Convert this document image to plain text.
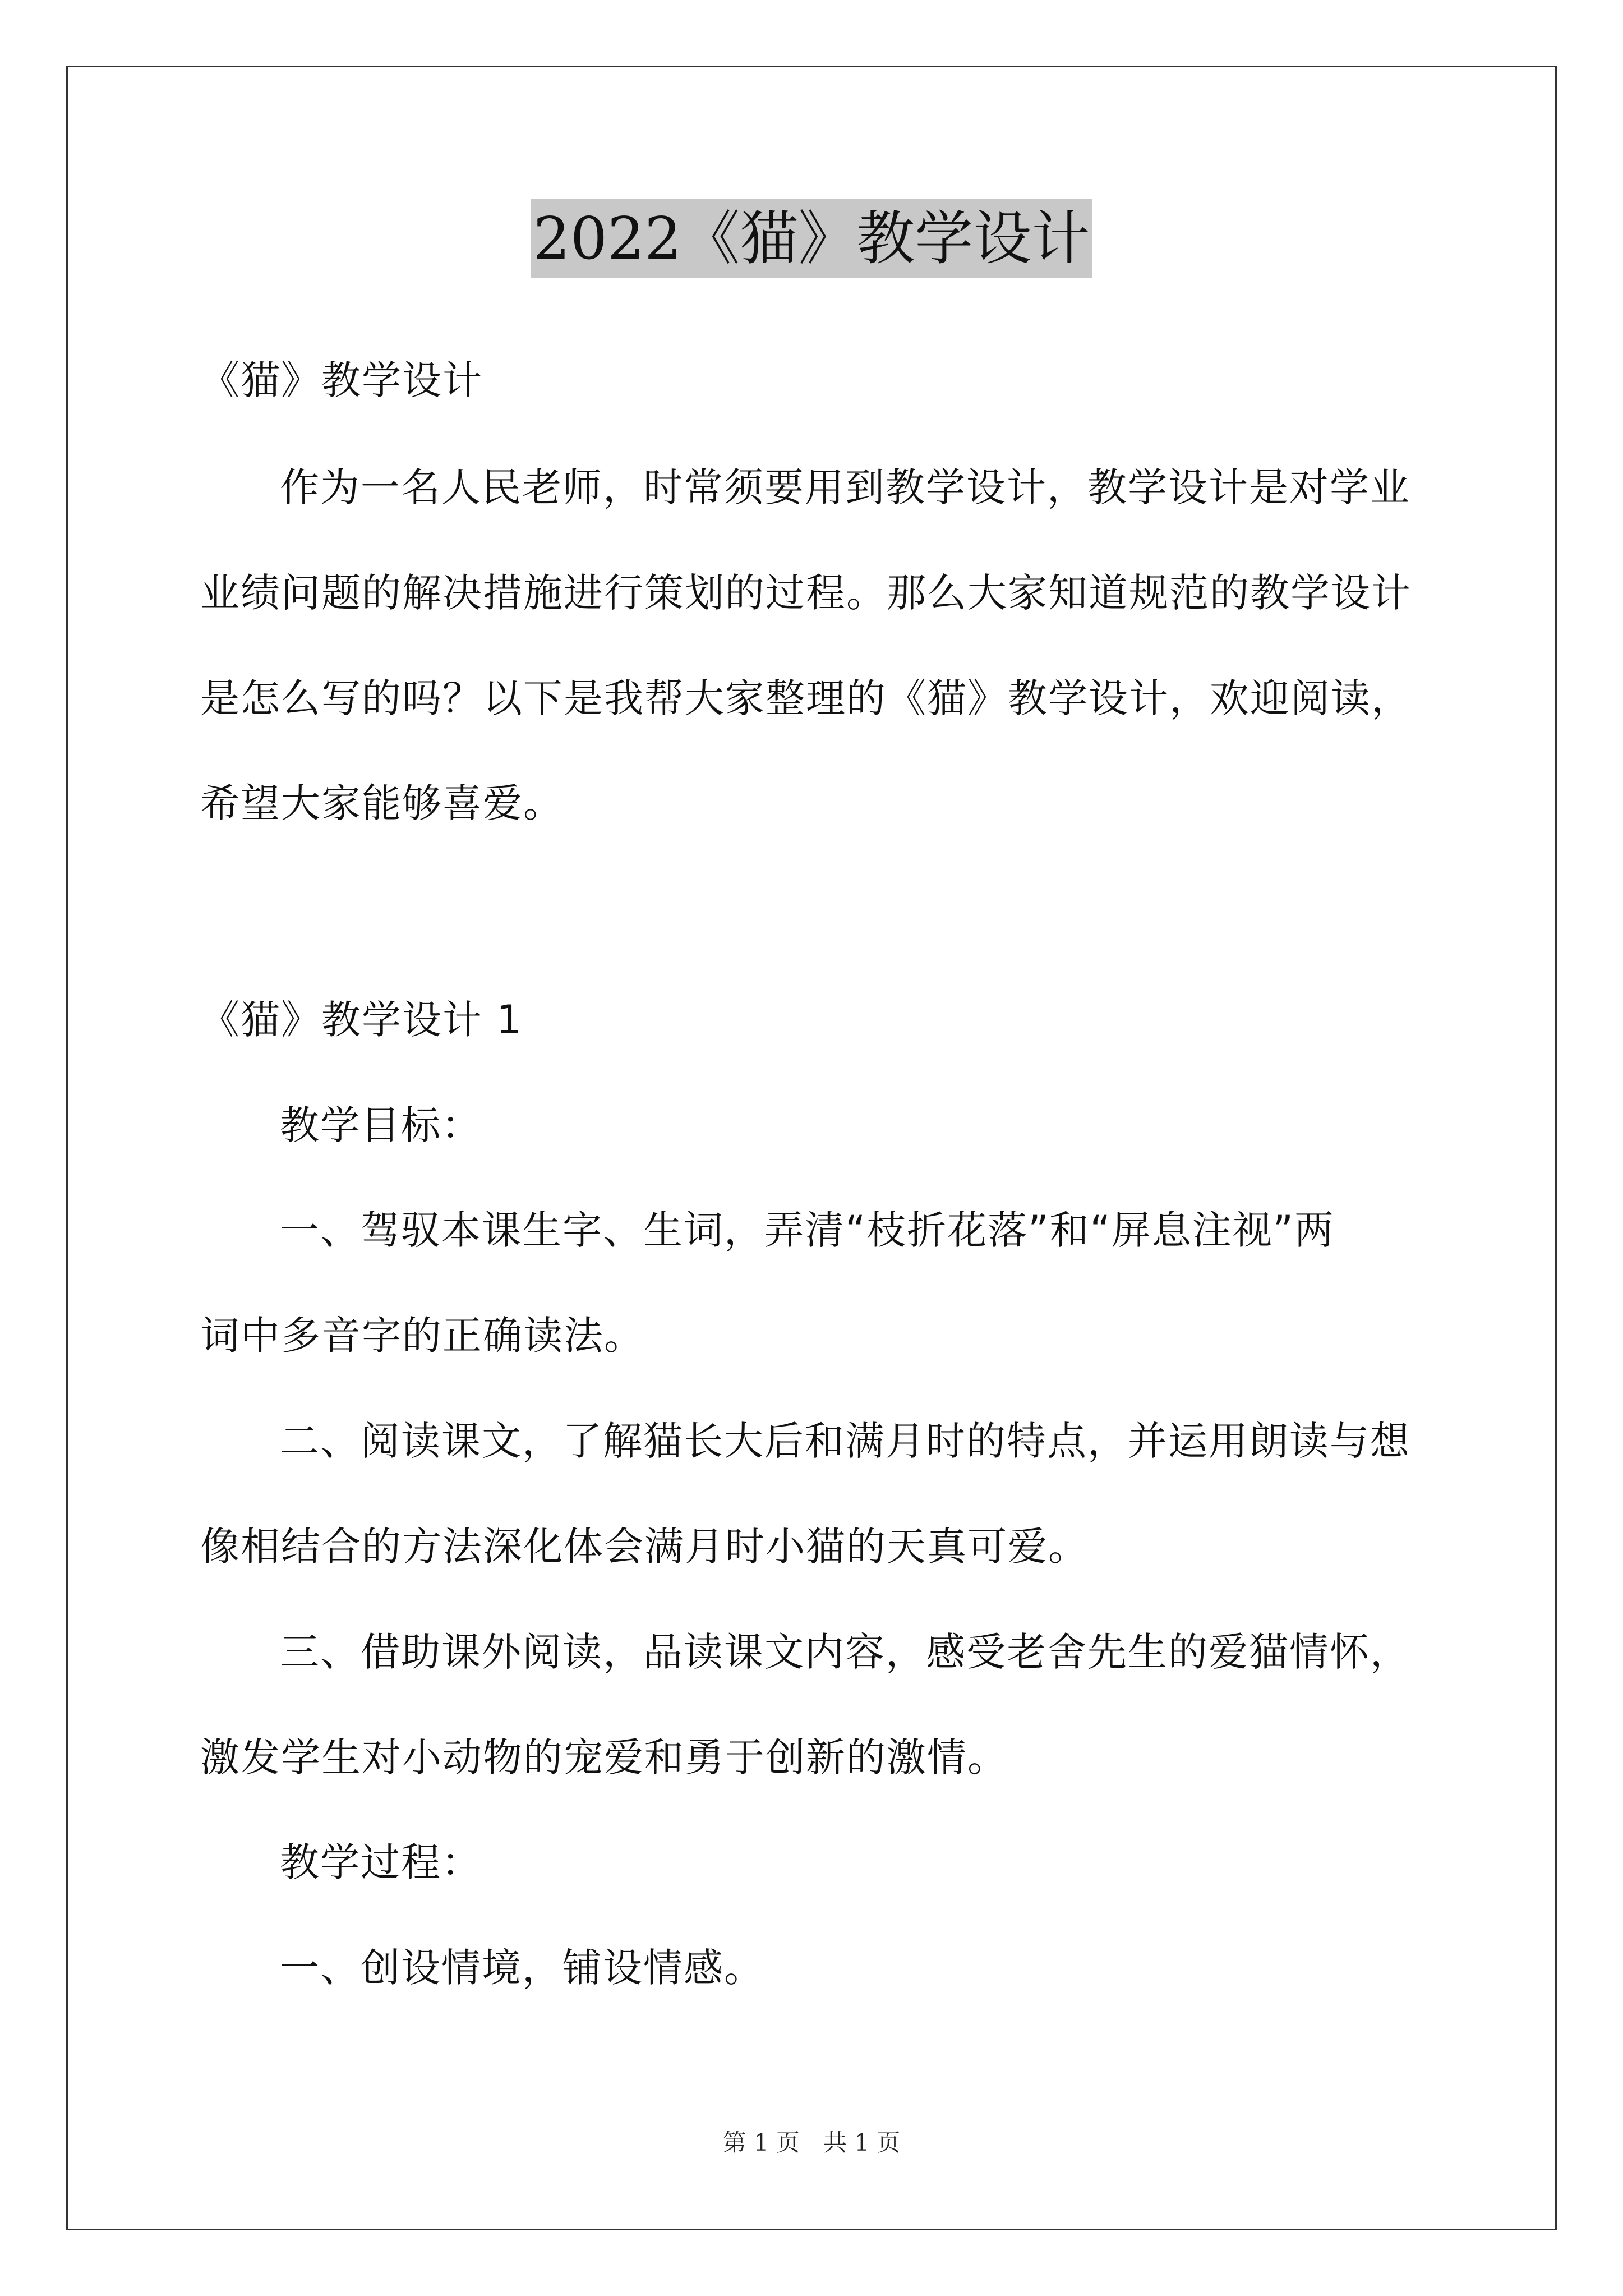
2022《猫》教学设计
《猫》教学设计
作为一名人民老师，时常须要用到教学设计，教学设计是对学业
业绩问题的解决措施进行策划的过程。那么大家知道规范的教学设计
是怎么写的吗？以下是我帮大家整理的《猫》教学设计，欢迎阅读，
希望大家能够喜爱。
《猫》教学设计 1
教学目标：
一、驾驭本课生字、生词，弄清“枝折花落”和“屏息注视”两
词中多音字的正确读法。
二、阅读课文，了解猫长大后和满月时的特点，并运用朗读与想
像相结合的方法深化体会满月时小猫的天真可爱。
三、借助课外阅读，品读课文内容，感受老舍先生的爱猫情怀，
激发学生对小动物的宠爱和勇于创新的激情。
教学过程：
一、创设情境，铺设情感。
第 1 页　共 1 页
